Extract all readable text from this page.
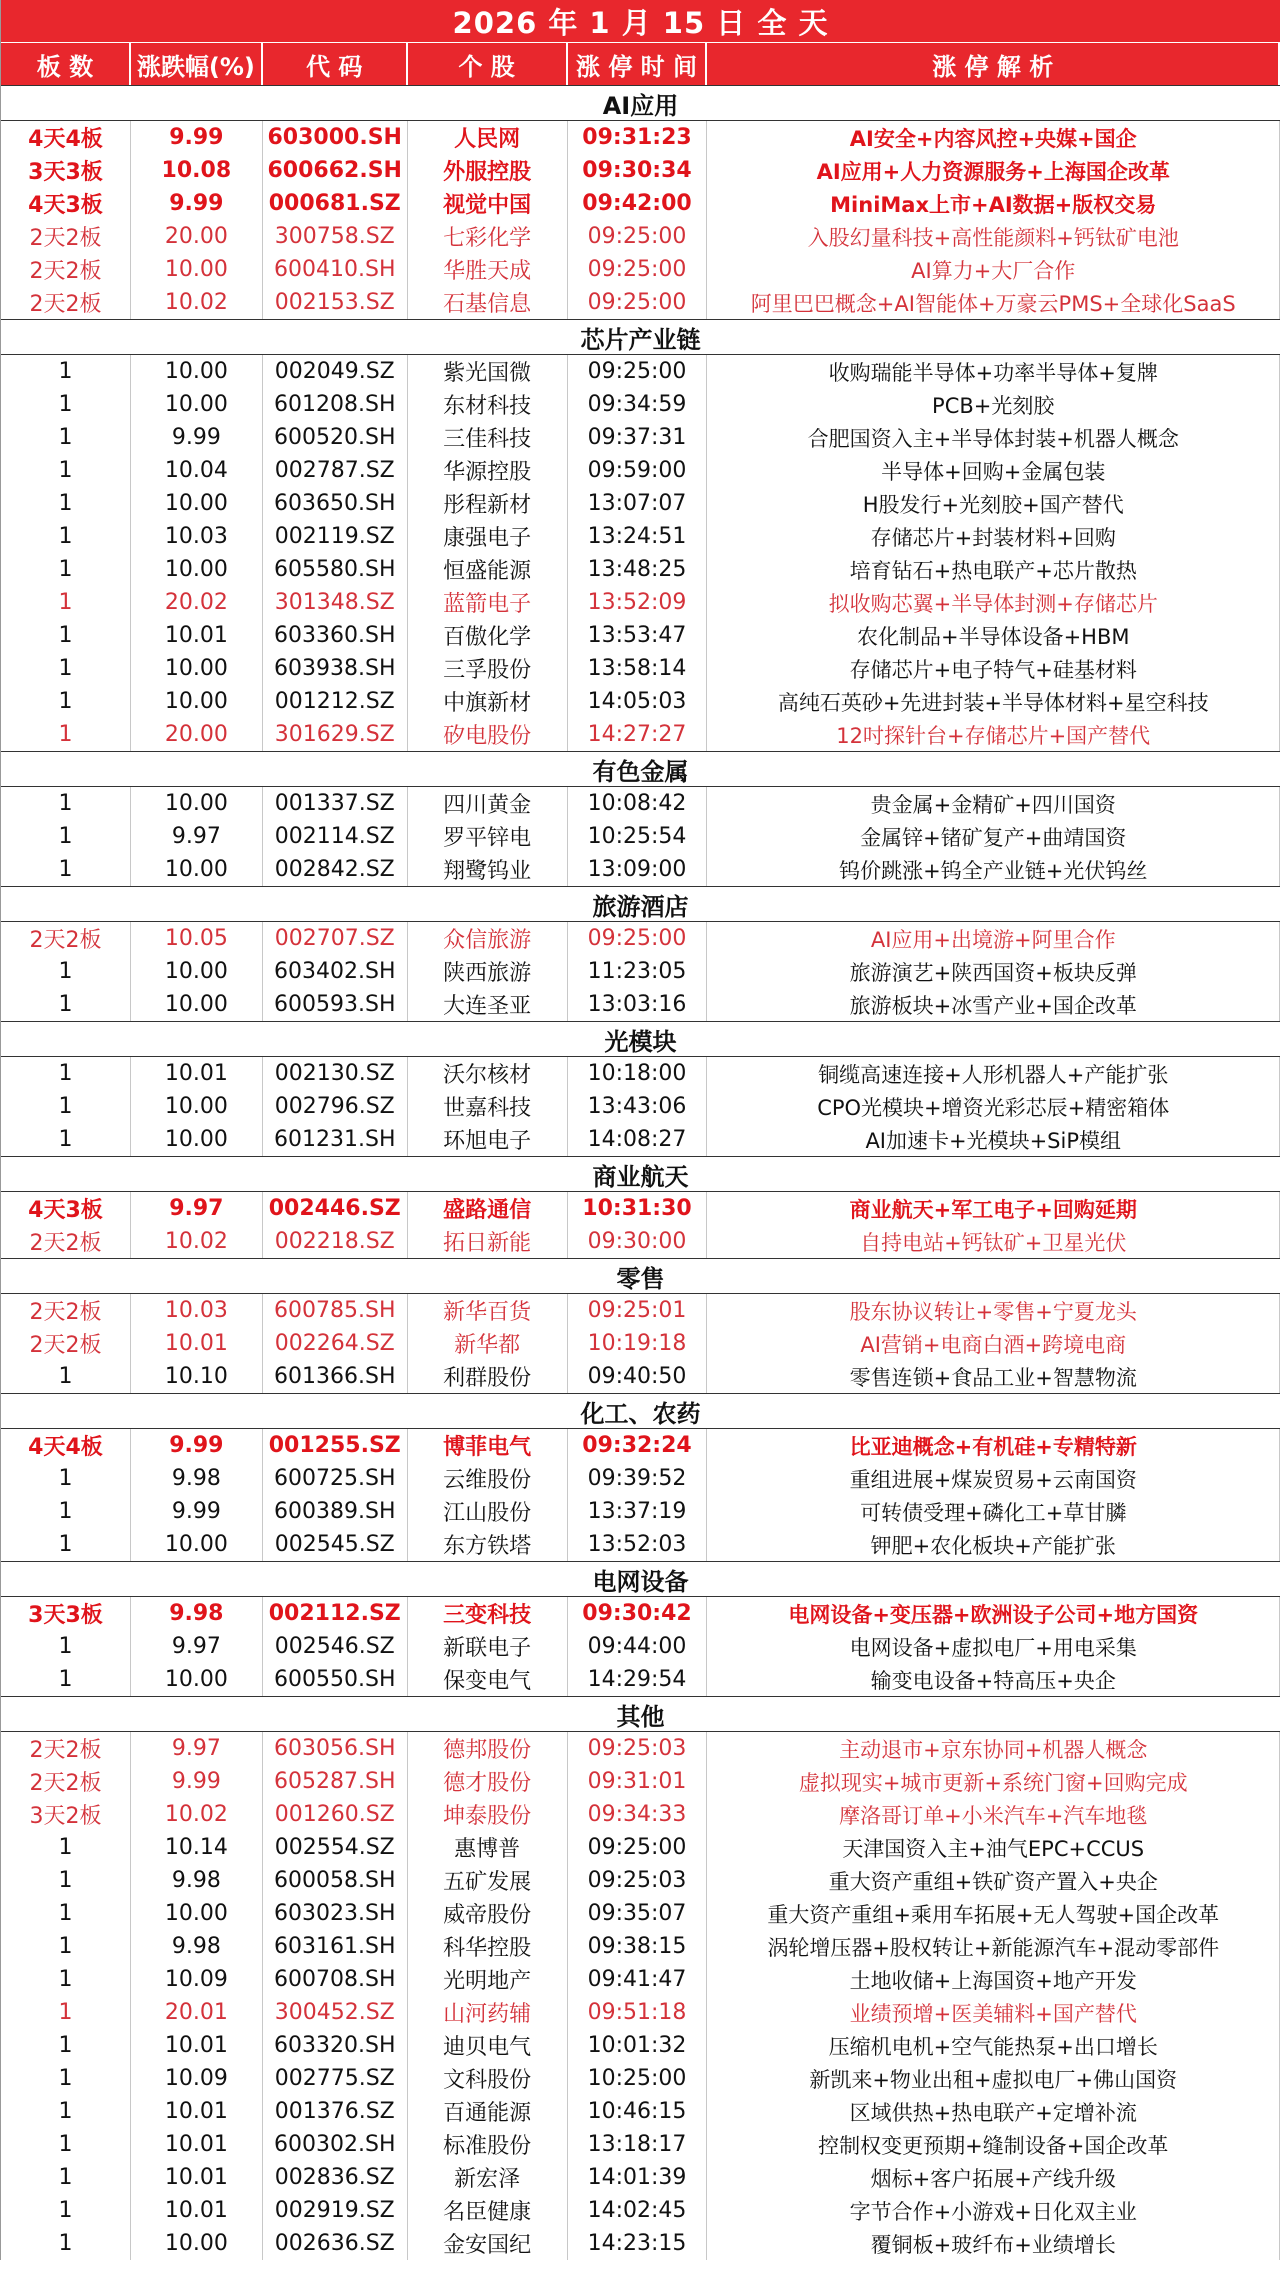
2026 年 1 月 15 日 全 天
板 数	涨跌幅(%)	代 码	个 股	涨 停 时 间	涨 停 解 析
AI应用
4天4板	9.99	603000.SH	人民网	09:31:23	AI安全+内容风控+央媒+国企
3天3板	10.08	600662.SH	外服控股	09:30:34	AI应用+人力资源服务+上海国企改革
4天3板	9.99	000681.SZ	视觉中国	09:42:00	MiniMax上市+AI数据+版权交易
2天2板	20.00	300758.SZ	七彩化学	09:25:00	入股幻量科技+高性能颜料+钙钛矿电池
2天2板	10.00	600410.SH	华胜天成	09:25:00	AI算力+大厂合作
2天2板	10.02	002153.SZ	石基信息	09:25:00	阿里巴巴概念+AI智能体+万豪云PMS+全球化SaaS
芯片产业链
1	10.00	002049.SZ	紫光国微	09:25:00	收购瑞能半导体+功率半导体+复牌
1	10.00	601208.SH	东材科技	09:34:59	PCB+光刻胶
1	9.99	600520.SH	三佳科技	09:37:31	合肥国资入主+半导体封装+机器人概念
1	10.04	002787.SZ	华源控股	09:59:00	半导体+回购+金属包装
1	10.00	603650.SH	彤程新材	13:07:07	H股发行+光刻胶+国产替代
1	10.03	002119.SZ	康强电子	13:24:51	存储芯片+封装材料+回购
1	10.00	605580.SH	恒盛能源	13:48:25	培育钻石+热电联产+芯片散热
1	20.02	301348.SZ	蓝箭电子	13:52:09	拟收购芯翼+半导体封测+存储芯片
1	10.01	603360.SH	百傲化学	13:53:47	农化制品+半导体设备+HBM
1	10.00	603938.SH	三孚股份	13:58:14	存储芯片+电子特气+硅基材料
1	10.00	001212.SZ	中旗新材	14:05:03	高纯石英砂+先进封装+半导体材料+星空科技
1	20.00	301629.SZ	矽电股份	14:27:27	12吋探针台+存储芯片+国产替代
有色金属
1	10.00	001337.SZ	四川黄金	10:08:42	贵金属+金精矿+四川国资
1	9.97	002114.SZ	罗平锌电	10:25:54	金属锌+锗矿复产+曲靖国资
1	10.00	002842.SZ	翔鹭钨业	13:09:00	钨价跳涨+钨全产业链+光伏钨丝
旅游酒店
2天2板	10.05	002707.SZ	众信旅游	09:25:00	AI应用+出境游+阿里合作
1	10.00	603402.SH	陕西旅游	11:23:05	旅游演艺+陕西国资+板块反弹
1	10.00	600593.SH	大连圣亚	13:03:16	旅游板块+冰雪产业+国企改革
光模块
1	10.01	002130.SZ	沃尔核材	10:18:00	铜缆高速连接+人形机器人+产能扩张
1	10.00	002796.SZ	世嘉科技	13:43:06	CPO光模块+增资光彩芯辰+精密箱体
1	10.00	601231.SH	环旭电子	14:08:27	AI加速卡+光模块+SiP模组
商业航天
4天3板	9.97	002446.SZ	盛路通信	10:31:30	商业航天+军工电子+回购延期
2天2板	10.02	002218.SZ	拓日新能	09:30:00	自持电站+钙钛矿+卫星光伏
零售
2天2板	10.03	600785.SH	新华百货	09:25:01	股东协议转让+零售+宁夏龙头
2天2板	10.01	002264.SZ	新华都	10:19:18	AI营销+电商白酒+跨境电商
1	10.10	601366.SH	利群股份	09:40:50	零售连锁+食品工业+智慧物流
化工、农药
4天4板	9.99	001255.SZ	博菲电气	09:32:24	比亚迪概念+有机硅+专精特新
1	9.98	600725.SH	云维股份	09:39:52	重组进展+煤炭贸易+云南国资
1	9.99	600389.SH	江山股份	13:37:19	可转债受理+磷化工+草甘膦
1	10.00	002545.SZ	东方铁塔	13:52:03	钾肥+农化板块+产能扩张
电网设备
3天3板	9.98	002112.SZ	三变科技	09:30:42	电网设备+变压器+欧洲设子公司+地方国资
1	9.97	002546.SZ	新联电子	09:44:00	电网设备+虚拟电厂+用电采集
1	10.00	600550.SH	保变电气	14:29:54	输变电设备+特高压+央企
其他
2天2板	9.97	603056.SH	德邦股份	09:25:03	主动退市+京东协同+机器人概念
2天2板	9.99	605287.SH	德才股份	09:31:01	虚拟现实+城市更新+系统门窗+回购完成
3天2板	10.02	001260.SZ	坤泰股份	09:34:33	摩洛哥订单+小米汽车+汽车地毯
1	10.14	002554.SZ	惠博普	09:25:00	天津国资入主+油气EPC+CCUS
1	9.98	600058.SH	五矿发展	09:25:03	重大资产重组+铁矿资产置入+央企
1	10.00	603023.SH	威帝股份	09:35:07	重大资产重组+乘用车拓展+无人驾驶+国企改革
1	9.98	603161.SH	科华控股	09:38:15	涡轮增压器+股权转让+新能源汽车+混动零部件
1	10.09	600708.SH	光明地产	09:41:47	土地收储+上海国资+地产开发
1	20.01	300452.SZ	山河药辅	09:51:18	业绩预增+医美辅料+国产替代
1	10.01	603320.SH	迪贝电气	10:01:32	压缩机电机+空气能热泵+出口增长
1	10.09	002775.SZ	文科股份	10:25:00	新凯来+物业出租+虚拟电厂+佛山国资
1	10.01	001376.SZ	百通能源	10:46:15	区域供热+热电联产+定增补流
1	10.01	600302.SH	标准股份	13:18:17	控制权变更预期+缝制设备+国企改革
1	10.01	002836.SZ	新宏泽	14:01:39	烟标+客户拓展+产线升级
1	10.01	002919.SZ	名臣健康	14:02:45	字节合作+小游戏+日化双主业
1	10.00	002636.SZ	金安国纪	14:23:15	覆铜板+玻纤布+业绩增长
